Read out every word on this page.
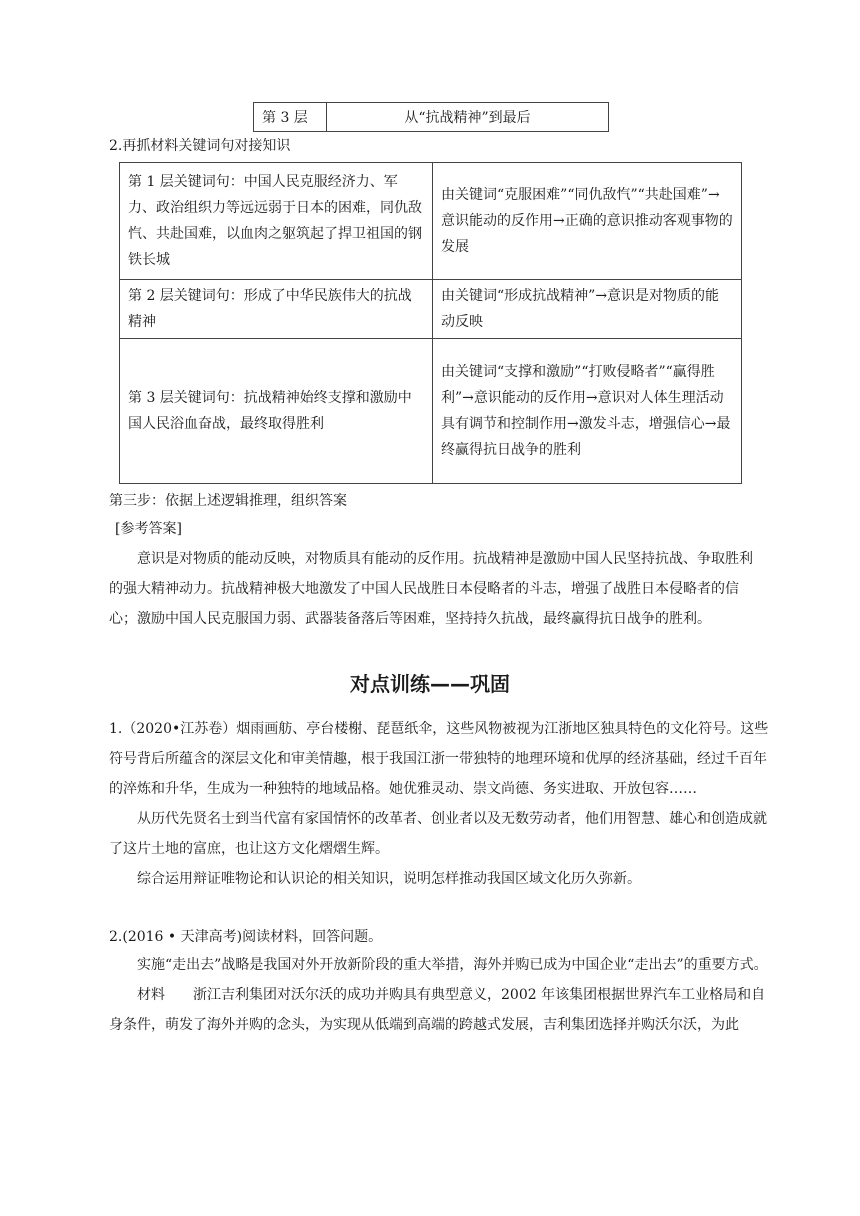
第 3 层	从“抗战精神”到最后
2.再抓材料关键词句对接知识
第 1 层关键词句：中国人民克服经济力、军力、政治组织力等远远弱于日本的困难，同仇敌忾、共赴国难，以血肉之躯筑起了捍卫祖国的钢铁长城	由关键词“克服困难”“同仇敌忾”“共赴国难”→意识能动的反作用→正确的意识推动客观事物的发展
第 2 层关键词句：形成了中华民族伟大的抗战精神	由关键词“形成抗战精神”→意识是对物质的能动反映
第 3 层关键词句：抗战精神始终支撑和激励中国人民浴血奋战，最终取得胜利	由关键词“支撑和激励”“打败侵略者”“赢得胜利”→意识能动的反作用→意识对人体生理活动具有调节和控制作用→激发斗志，增强信心→最终赢得抗日战争的胜利
第三步：依据上述逻辑推理，组织答案
[参考答案]
意识是对物质的能动反映，对物质具有能动的反作用。抗战精神是激励中国人民坚持抗战、争取胜利的强大精神动力。抗战精神极大地激发了中国人民战胜日本侵略者的斗志，增强了战胜日本侵略者的信心；激励中国人民克服国力弱、武器装备落后等困难，坚持持久抗战，最终赢得抗日战争的胜利。
对点训练——巩固
1.（2020•江苏卷）烟雨画舫、亭台楼榭、琵琶纸伞，这些风物被视为江浙地区独具特色的文化符号。这些符号背后所蕴含的深层文化和审美情趣，根于我国江浙一带独特的地理环境和优厚的经济基础，经过千百年的淬炼和升华，生成为一种独特的地域品格。她优雅灵动、崇文尚德、务实进取、开放包容……
从历代先贤名士到当代富有家国情怀的改革者、创业者以及无数劳动者，他们用智慧、雄心和创造成就了这片土地的富庶，也让这方文化熠熠生辉。
综合运用辩证唯物论和认识论的相关知识，说明怎样推动我国区域文化历久弥新。
2.(2016 • 天津高考)阅读材料，回答问题。
实施“走出去”战略是我国对外开放新阶段的重大举措，海外并购已成为中国企业“走出去”的重要方式。
材料　　浙江吉利集团对沃尔沃的成功并购具有典型意义，2002 年该集团根据世界汽车工业格局和自身条件，萌发了海外并购的念头，为实现从低端到高端的跨越式发展，吉利集团选择并购沃尔沃，为此
